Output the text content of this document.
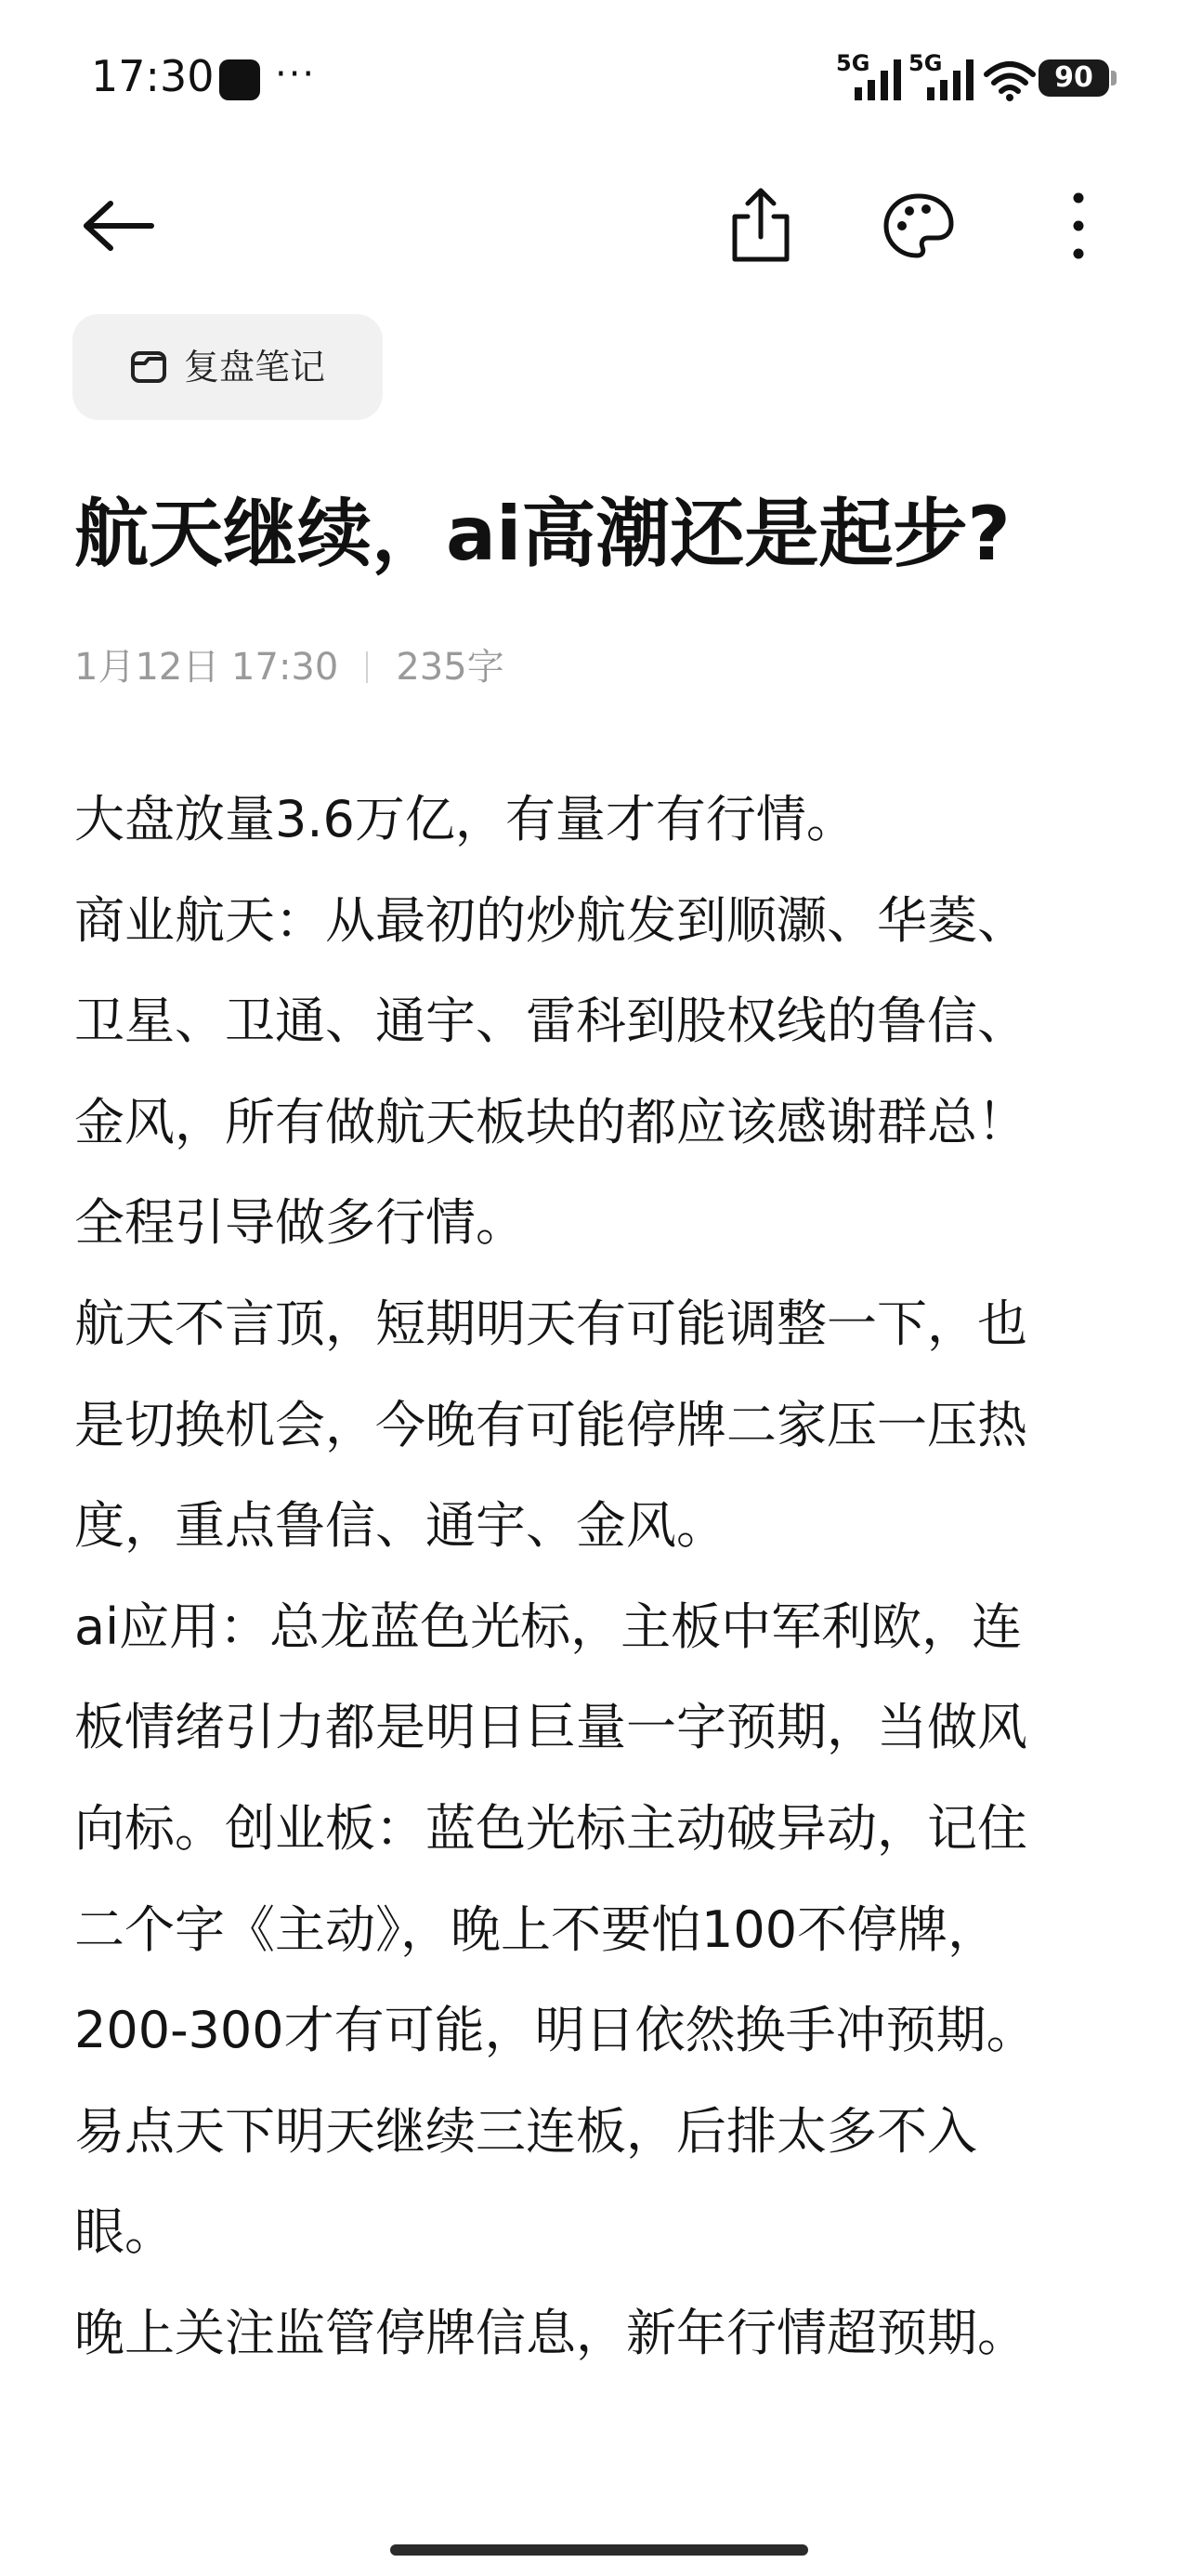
17:30 ···	5G 5G	90
复盘笔记
航天继续，ai高潮还是起步?
1月12日 17:30 235字
大盘放量3.6万亿，有量才有行情。
商业航天：从最初的炒航发到顺灏、华菱、
卫星、卫通、通宇、雷科到股权线的鲁信、
金风，所有做航天板块的都应该感谢群总！
全程引导做多行情。
航天不言顶，短期明天有可能调整一下，也
是切换机会，今晚有可能停牌二家压一压热
度，重点鲁信、通宇、金风。
ai应用：总龙蓝色光标，主板中军利欧，连
板情绪引力都是明日巨量一字预期，当做风
向标。创业板：蓝色光标主动破异动，记住
二个字《主动》，晚上不要怕100不停牌，
200-300才有可能，明日依然换手冲预期。
易点天下明天继续三连板，后排太多不入
眼。
晚上关注监管停牌信息，新年行情超预期。
